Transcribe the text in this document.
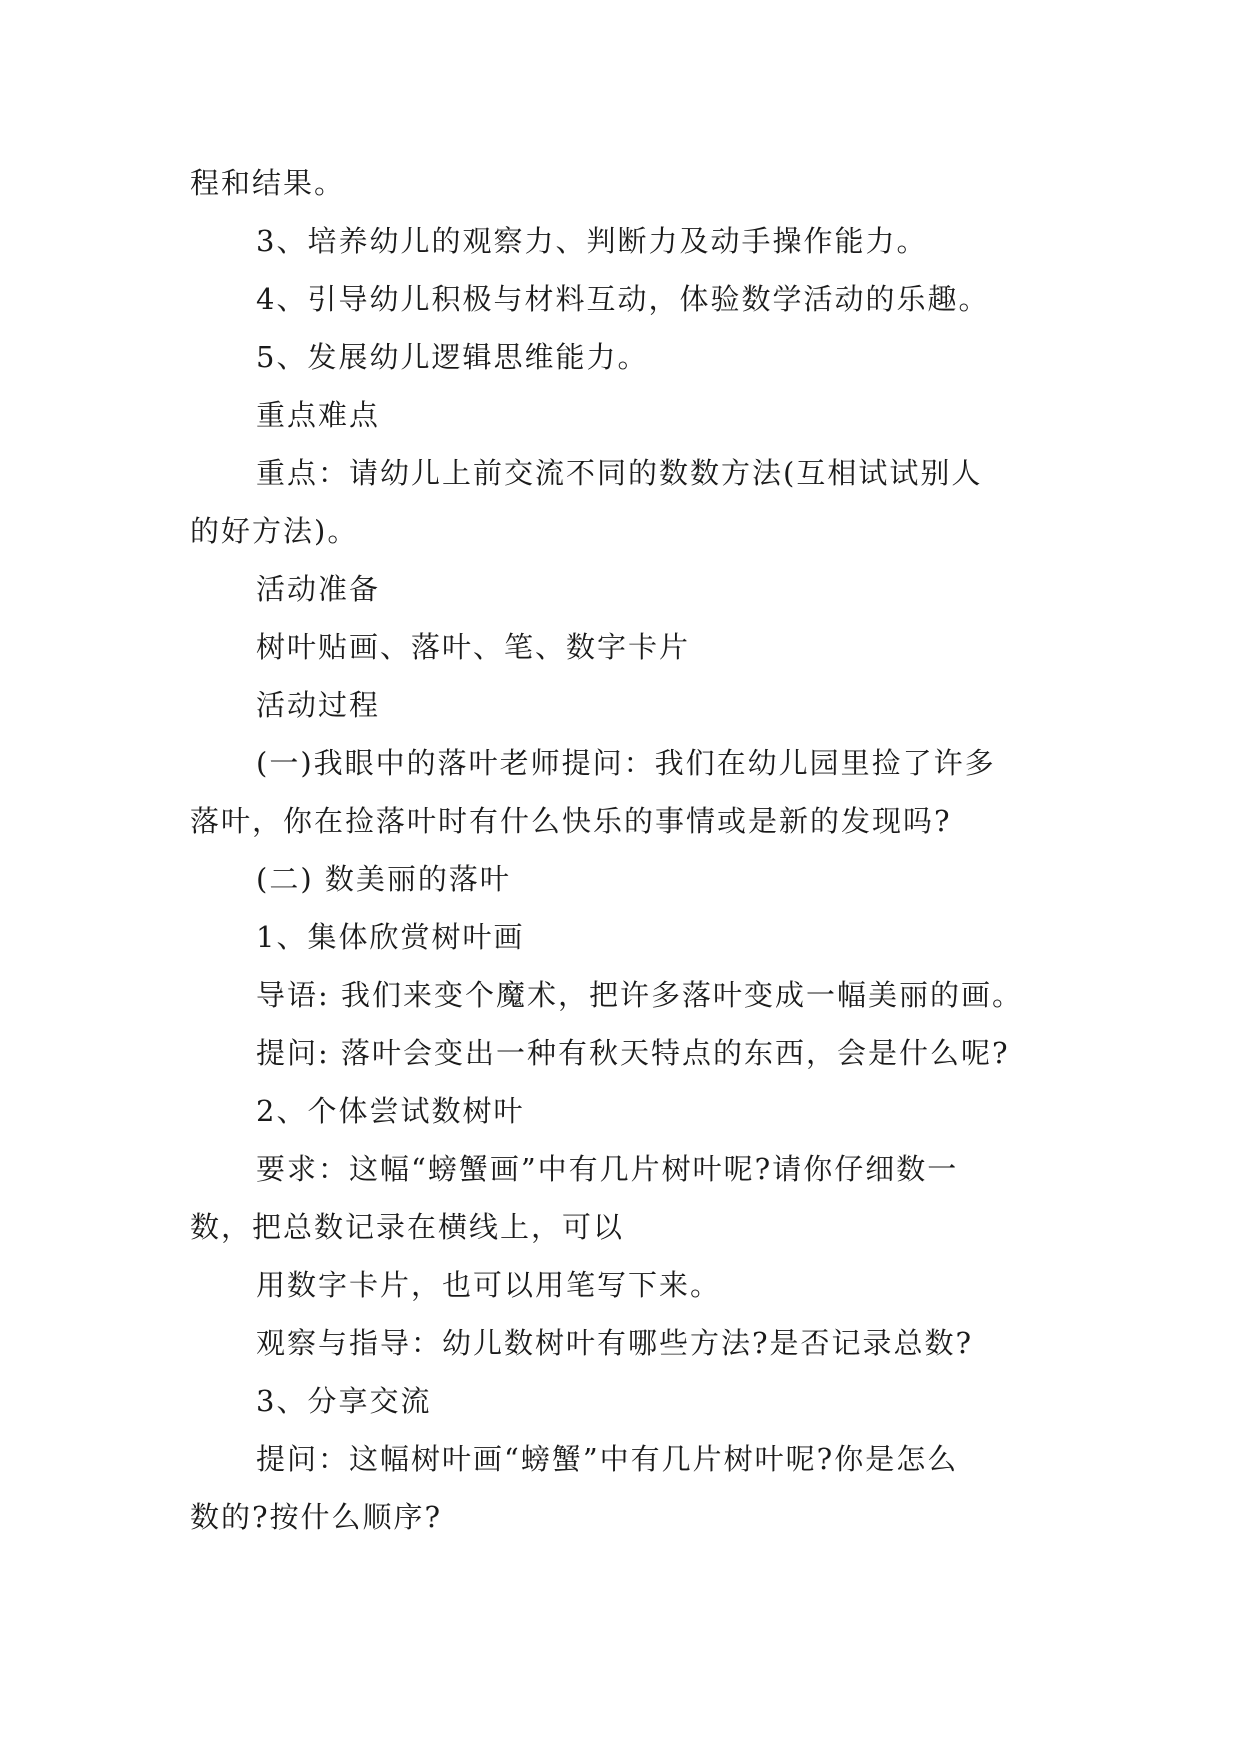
程和结果。
3、培养幼儿的观察力、判断力及动手操作能力。
4、引导幼儿积极与材料互动，体验数学活动的乐趣。
5、发展幼儿逻辑思维能力。
重点难点
重点：请幼儿上前交流不同的数数方法(互相试试别人
的好方法)。
活动准备
树叶贴画、落叶、笔、数字卡片
活动过程
(一)我眼中的落叶老师提问：我们在幼儿园里捡了许多
落叶，你在捡落叶时有什么快乐的事情或是新的发现吗?
(二) 数美丽的落叶
1、集体欣赏树叶画
导语: 我们来变个魔术，把许多落叶变成一幅美丽的画。
提问: 落叶会变出一种有秋天特点的东西，会是什么呢?
2、个体尝试数树叶
要求：这幅“螃蟹画”中有几片树叶呢?请你仔细数一
数，把总数记录在横线上，可以
用数字卡片，也可以用笔写下来。
观察与指导：幼儿数树叶有哪些方法?是否记录总数?
3、分享交流
提问：这幅树叶画“螃蟹”中有几片树叶呢?你是怎么
数的?按什么顺序?
